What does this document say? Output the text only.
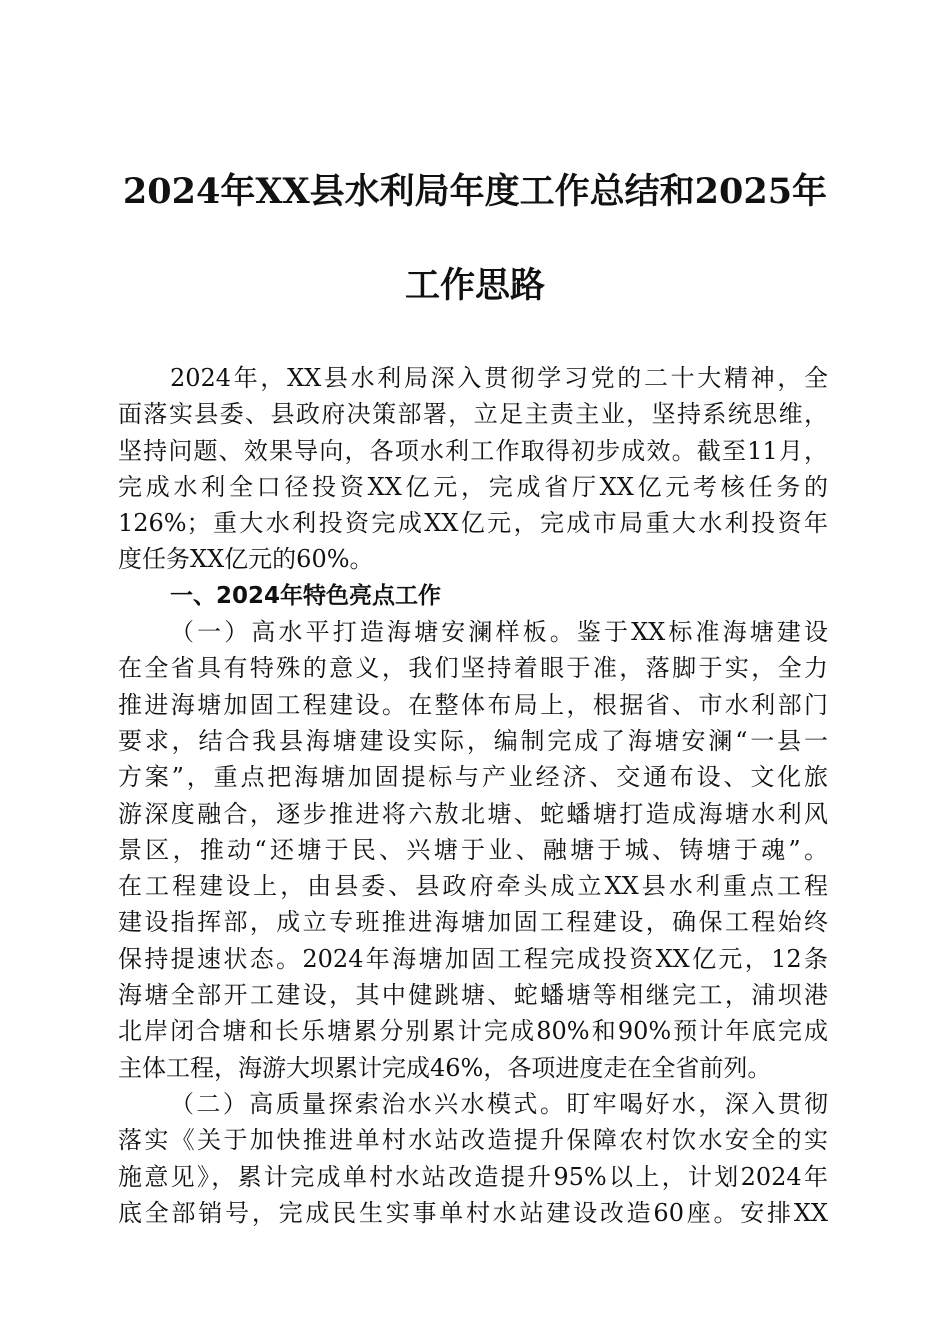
2024年XX县水利局年度工作总结和2025年
工作思路
2024年，XX县水利局深入贯彻学习党的二十大精神，全
面落实县委、县政府决策部署，立足主责主业，坚持系统思维，
坚持问题、效果导向，各项水利工作取得初步成效。截至11月，
完成水利全口径投资XX亿元，完成省厅XX亿元考核任务的
126%；重大水利投资完成XX亿元，完成市局重大水利投资年
度任务XX亿元的60%。
一、2024年特色亮点工作
（一）高水平打造海塘安澜样板。鉴于XX标准海塘建设
在全省具有特殊的意义，我们坚持着眼于准，落脚于实，全力
推进海塘加固工程建设。在整体布局上，根据省、市水利部门
要求，结合我县海塘建设实际，编制完成了海塘安澜“一县一
方案”，重点把海塘加固提标与产业经济、交通布设、文化旅
游深度融合，逐步推进将六敖北塘、蛇蟠塘打造成海塘水利风
景区，推动“还塘于民、兴塘于业、融塘于城、铸塘于魂”。
在工程建设上，由县委、县政府牵头成立XX县水利重点工程
建设指挥部，成立专班推进海塘加固工程建设，确保工程始终
保持提速状态。2024年海塘加固工程完成投资XX亿元，12条
海塘全部开工建设，其中健跳塘、蛇蟠塘等相继完工，浦坝港
北岸闭合塘和长乐塘累分别累计完成80%和90%预计年底完成
主体工程，海游大坝累计完成46%，各项进度走在全省前列。
（二）高质量探索治水兴水模式。盯牢喝好水，深入贯彻
落实《关于加快推进单村水站改造提升保障农村饮水安全的实
施意见》，累计完成单村水站改造提升95%以上，计划2024年
底全部销号，完成民生实事单村水站建设改造60座。安排XX
